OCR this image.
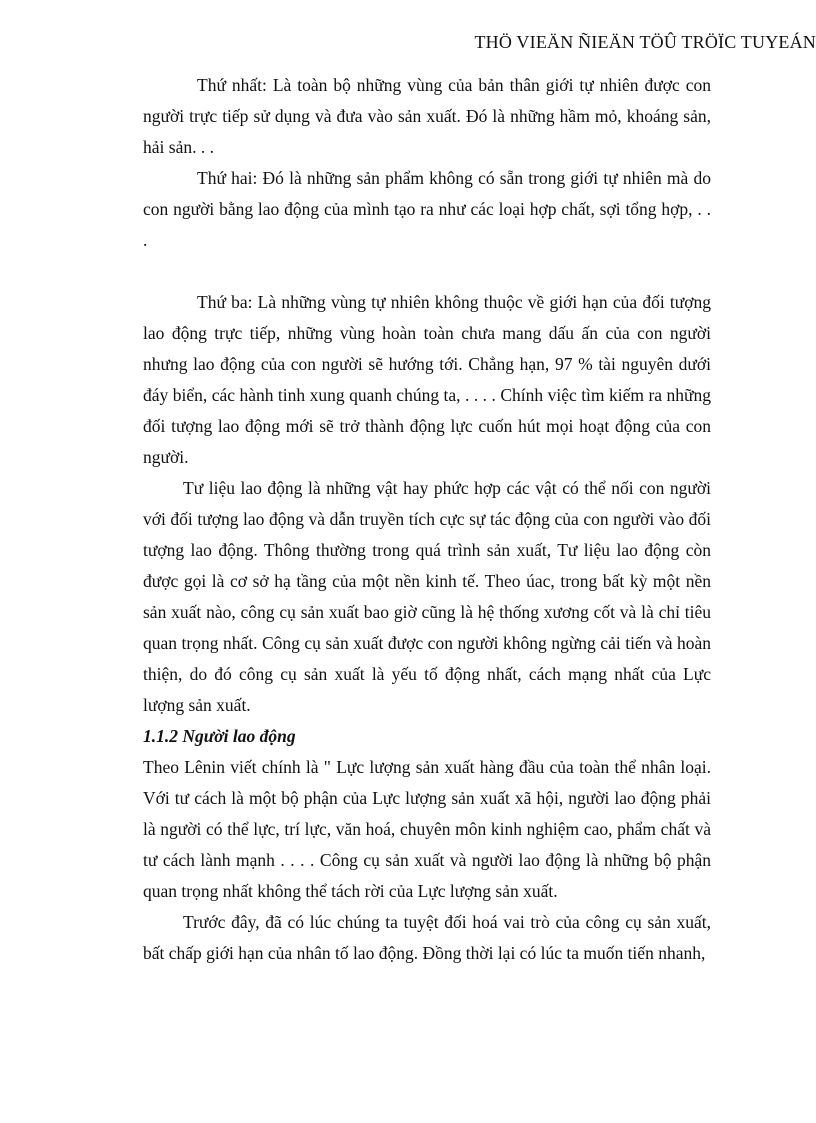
THÖ VIEÄN ÑIEÄN TÖÛ TRÖÏC TUYEÁN

Thứ nhất: Là toàn bộ những vùng của bản thân giới tự nhiên được con người trực tiếp sử dụng và đưa vào sản xuất. Đó là những hầm mỏ, khoáng sản, hải sản. . .

Thứ hai: Đó là những sản phẩm không có sẵn trong giới tự nhiên mà do con người bằng lao động của mình tạo ra như các loại hợp chất, sợi tổng hợp, . . .

Thứ ba: Là những vùng tự nhiên không thuộc về giới hạn của đối tượng lao động trực tiếp, những vùng hoàn toàn chưa mang dấu ấn của con người nhưng lao động của con người sẽ hướng tới. Chẳng hạn, 97 % tài nguyên dưới đáy biển, các hành tinh xung quanh chúng ta, . . . . Chính việc tìm kiếm ra những đối tượng lao động mới sẽ trở thành động lực cuốn hút mọi hoạt động của con người.

Tư liệu lao động là những vật hay phức hợp các vật có thể nối con người với đối tượng lao động và dẫn truyền tích cực sự tác động của con người vào đối tượng lao động. Thông thường trong quá trình sản xuất, Tư liệu lao động còn được gọi là cơ sở hạ tầng của một nền kinh tế. Theo úac, trong bất kỳ một nền sản xuất nào, công cụ sản xuất bao giờ cũng là hệ thống xương cốt và là chỉ tiêu quan trọng nhất. Công cụ sản xuất được con người không ngừng cải tiến và hoàn thiện, do đó công cụ sản xuất là yếu tố động nhất, cách mạng nhất của Lực lượng sản xuất.

1.1.2 Người lao động

Theo Lênin viết chính là " Lực lượng sản xuất hàng đầu của toàn thể nhân loại. Với tư cách là một bộ phận của Lực lượng sản xuất xã hội, người lao động phải là người có thể lực, trí lực, văn hoá, chuyên môn kinh nghiệm cao, phẩm chất và tư cách lành mạnh . . . . Công cụ sản xuất và người lao động là những bộ phận quan trọng nhất không thể tách rời của Lực lượng sản xuất.

Trước đây, đã có lúc chúng ta tuyệt đối hoá vai trò của công cụ sản xuất, bất chấp giới hạn của nhân tố lao động. Đồng thời lại có lúc ta muốn tiến nhanh,
